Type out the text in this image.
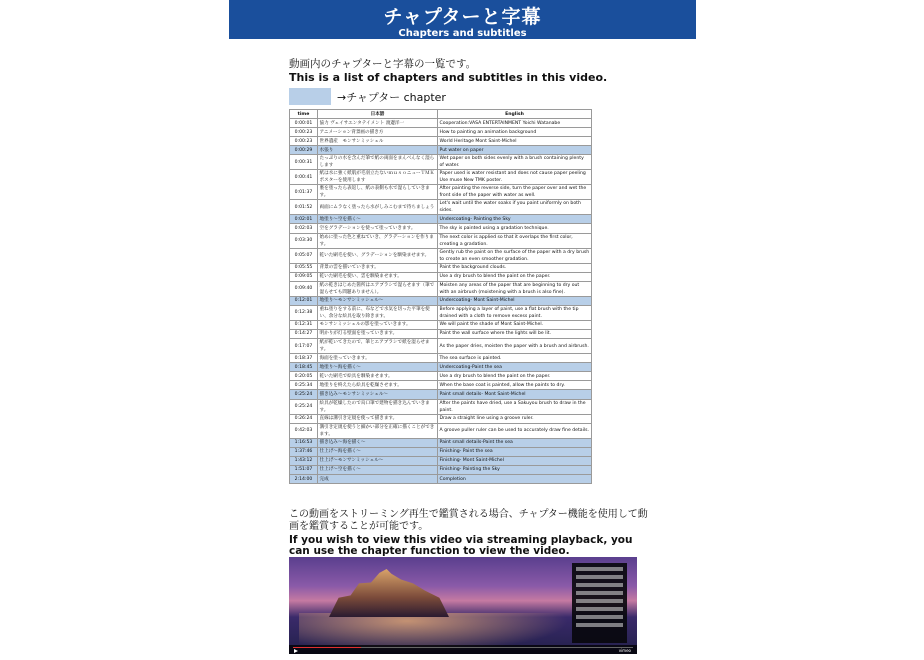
チャプターと字幕
Chapters and subtitles
動画内のチャプターと字幕の一覧です。
This is a list of chapters and subtitles in this video.
→チャプター chapter
time	日本語	English
0:00:01	協力 ヴェイサエンタテイメント 渡邊洋一	Cooperation:VASA ENTERTAINMENT Yoichi Watanabe
0:00:23	アニメーション背景画の描き方	How to painting an animation background
0:00:23	世界遺産　モンサンミッシェル	World Heritage Mont Saint-Michel
0:00:29	水張り	Put water on paper
0:00:31	たっぷりの水を含んだ筆で紙の両面をまんべんなく湿らします	Wet paper on both sides evenly with a brush containing plenty of water.
0:00:41	紙は水に強く紙肌が毛羽立たないｍｕｓｏニューＴＭＫポスターを使用します	Paper used is water resistant and does not cause paper peeling Use muse New TMK poster.
0:01:37	裏を塗ったら表返し、紙の表側も水で湿らしていきます。	After painting the reverse side, turn the paper over and wet the front side of the paper with water as well.
0:01:52	両面にムラなく塗ったら水がしみこむまで待ちましょう	Let's wait until the water soaks if you paint uniformly on both sides.
0:02:01	地塗り～空を描く～	Undercoating- Painting the Sky
0:02:03	空をグラデーションを使って塗っていきます。	The sky is painted using a gradation technique.
0:03:30	始めに塗った色と重ねていき、グラデーションを作ります。	The next color is applied so that it overlaps the first color, creating a gradation.
0:05:07	乾いた刷毛を使い、グラデーションを馴染ませます。	Gently rub the paint on the surface of the paper with a dry brush to create an even smoother gradation.
0:05:55	背景の雲を描いていきます。	Paint the background clouds.
0:09:05	乾いた刷毛を使い、雲を馴染ませます。	Use a dry brush to blend the paint on the paper.
0:09:40	紙の乾きはじめた箇所はエアブラシで湿らせます（筆で湿らせても問題ありません）。	Moisten any areas of the paper that are beginning to dry out with an airbrush (moistening with a brush is also fine).
0:12:01	地塗り～モンサンミッシェル～	Undercoating- Mont Saint-Michel
0:12:38	重ね塗りをする前に、布などで水気を切った平筆を使い、余分な絵具を取り除きます。	Before applying a layer of paint, use a flat brush with the tip drained with a cloth to remove excess paint.
0:12:31	モンサンミッシェルの影を塗っていきます。	We will paint the shade of Mont Saint-Michel.
0:14:27	明かりが灯る壁面を塗っていきます。	Paint the wall surface where the lights will be lit.
0:17:07	紙が乾いてきたので、筆とエアブラシで紙を湿らせます。	As the paper dries, moisten the paper with a brush and airbrush.
0:18:37	海面を塗っていきます。	The sea surface is painted.
0:18:45	地塗り～海を描く～	Undercoating-Paint the sea
0:20:05	乾いた刷毛で絵具を馴染ませます。	Use a dry brush to blend the paint on the paper.
0:25:34	地塗りを終えたら絵具を乾燥させます。	When the base coat is painted, allow the paints to dry.
0:25:24	描き込み～モンサンミッシェル～	Paint small details- Mont Saint-Michel
0:25:24	絵具が乾燥したので烏口筆で建物を描き込んでいきます。	After the paints have dried, use a Sakuyou brush to draw in the paint.
0:26:24	直線は溝引き定規を使って描きます。	Draw a straight line using a groove ruler.
0:42:03	溝引き定規を使うと細かい部分を正確に描くことができます。	A groove puller ruler can be used to accurately draw fine details.
1:16:53	描き込み～海を描く～	Paint small details-Paint the sea
1:37:46	仕上げ～海を描く～	Finishing- Paint the sea
1:43:12	仕上げ～モンサンミッシェル～	Finishing- Mont Saint-Michel
1:51:07	仕上げ～空を描く～	Finishing- Painting the Sky
2:14:00	完成	Completion
この動画をストリーミング再生で鑑賞される場合、チャプター機能を使用して動画を鑑賞することが可能です。
If you wish to view this video via streaming playback, you can use the chapter function to view the video.
vimeo
